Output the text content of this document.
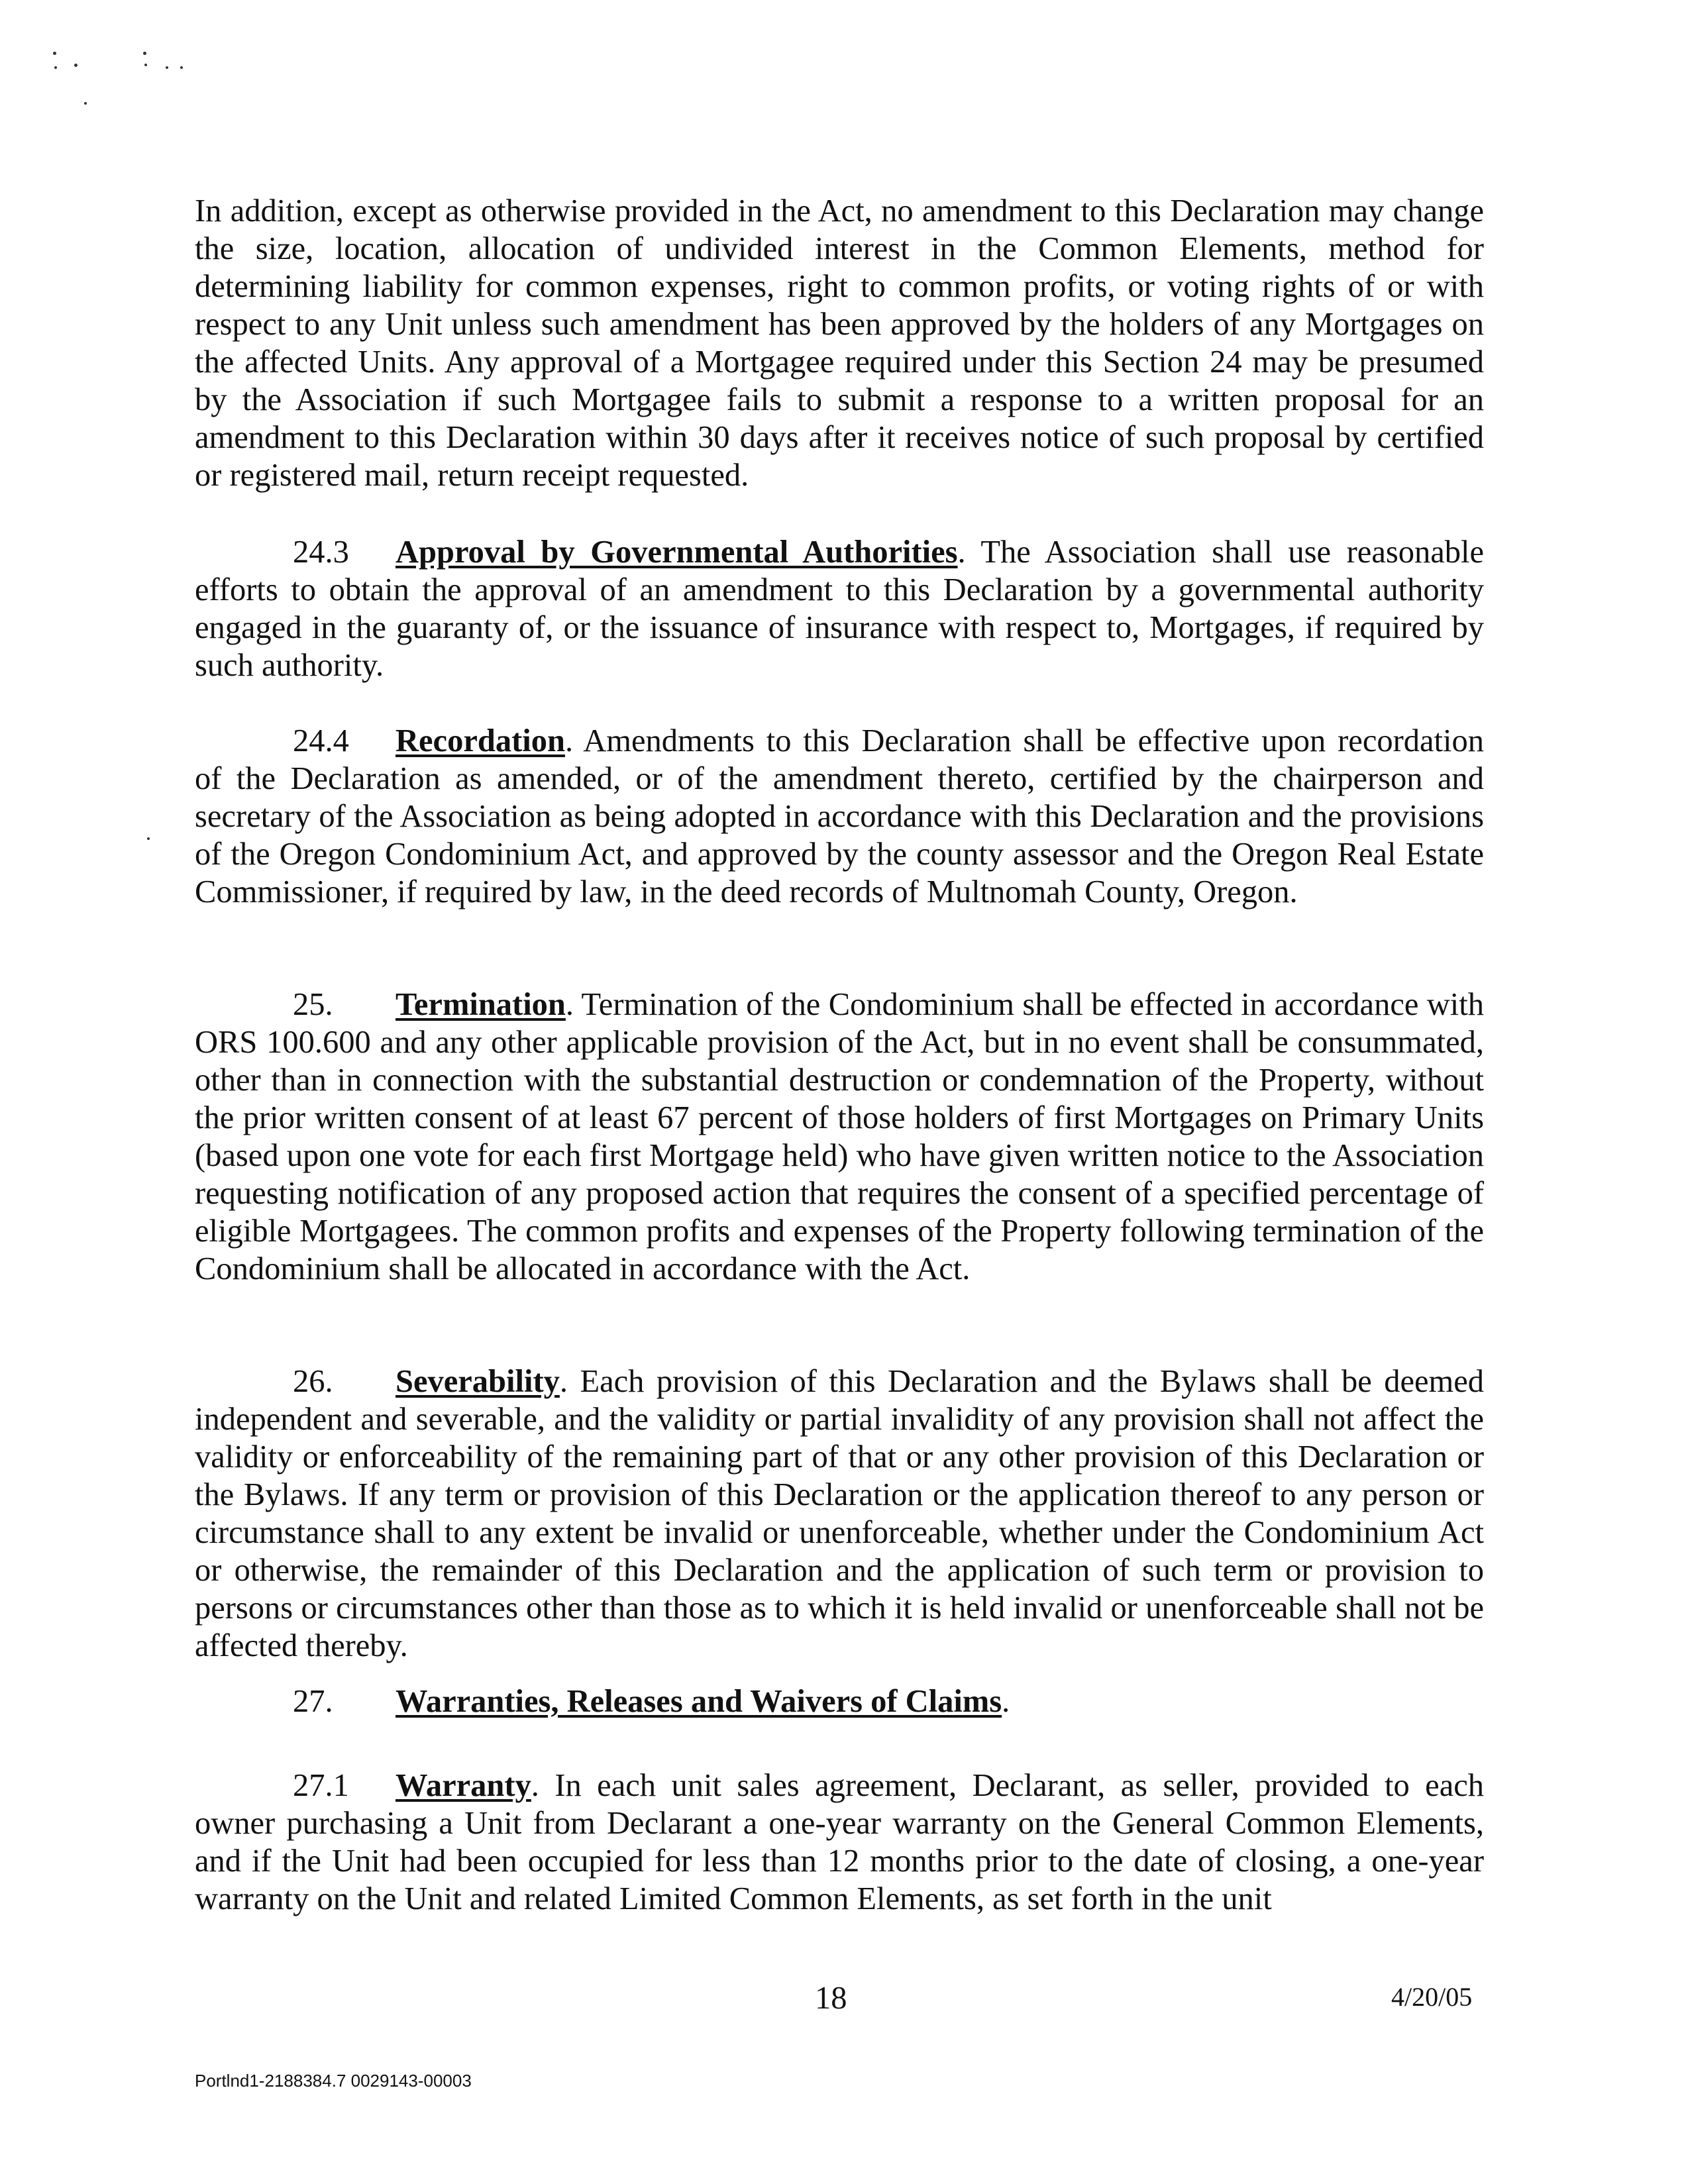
In addition, except as otherwise provided in the Act, no amendment to this Declaration may change the size, location, allocation of undivided interest in the Common Elements, method for determining liability for common expenses, right to common profits, or voting rights of or with respect to any Unit unless such amendment has been approved by the holders of any Mortgages on the affected Units. Any approval of a Mortgagee required under this Section 24 may be presumed by the Association if such Mortgagee fails to submit a response to a written proposal for an amendment to this Declaration within 30 days after it receives notice of such proposal by certified or registered mail, return receipt requested.

24.3 Approval by Governmental Authorities. The Association shall use reasonable efforts to obtain the approval of an amendment to this Declaration by a governmental authority engaged in the guaranty of, or the issuance of insurance with respect to, Mortgages, if required by such authority.

24.4 Recordation. Amendments to this Declaration shall be effective upon recordation of the Declaration as amended, or of the amendment thereto, certified by the chairperson and secretary of the Association as being adopted in accordance with this Declaration and the provisions of the Oregon Condominium Act, and approved by the county assessor and the Oregon Real Estate Commissioner, if required by law, in the deed records of Multnomah County, Oregon.

25. Termination. Termination of the Condominium shall be effected in accordance with ORS 100.600 and any other applicable provision of the Act, but in no event shall be consummated, other than in connection with the substantial destruction or condemnation of the Property, without the prior written consent of at least 67 percent of those holders of first Mortgages on Primary Units (based upon one vote for each first Mortgage held) who have given written notice to the Association requesting notification of any proposed action that requires the consent of a specified percentage of eligible Mortgagees. The common profits and expenses of the Property following termination of the Condominium shall be allocated in accordance with the Act.

26. Severability. Each provision of this Declaration and the Bylaws shall be deemed independent and severable, and the validity or partial invalidity of any provision shall not affect the validity or enforceability of the remaining part of that or any other provision of this Declaration or the Bylaws. If any term or provision of this Declaration or the application thereof to any person or circumstance shall to any extent be invalid or unenforceable, whether under the Condominium Act or otherwise, the remainder of this Declaration and the application of such term or provision to persons or circumstances other than those as to which it is held invalid or unenforceable shall not be affected thereby.

27. Warranties, Releases and Waivers of Claims.

27.1 Warranty. In each unit sales agreement, Declarant, as seller, provided to each owner purchasing a Unit from Declarant a one-year warranty on the General Common Elements, and if the Unit had been occupied for less than 12 months prior to the date of closing, a one-year warranty on the Unit and related Limited Common Elements, as set forth in the unit

18	4/20/05
Portlnd1-2188384.7 0029143-00003
